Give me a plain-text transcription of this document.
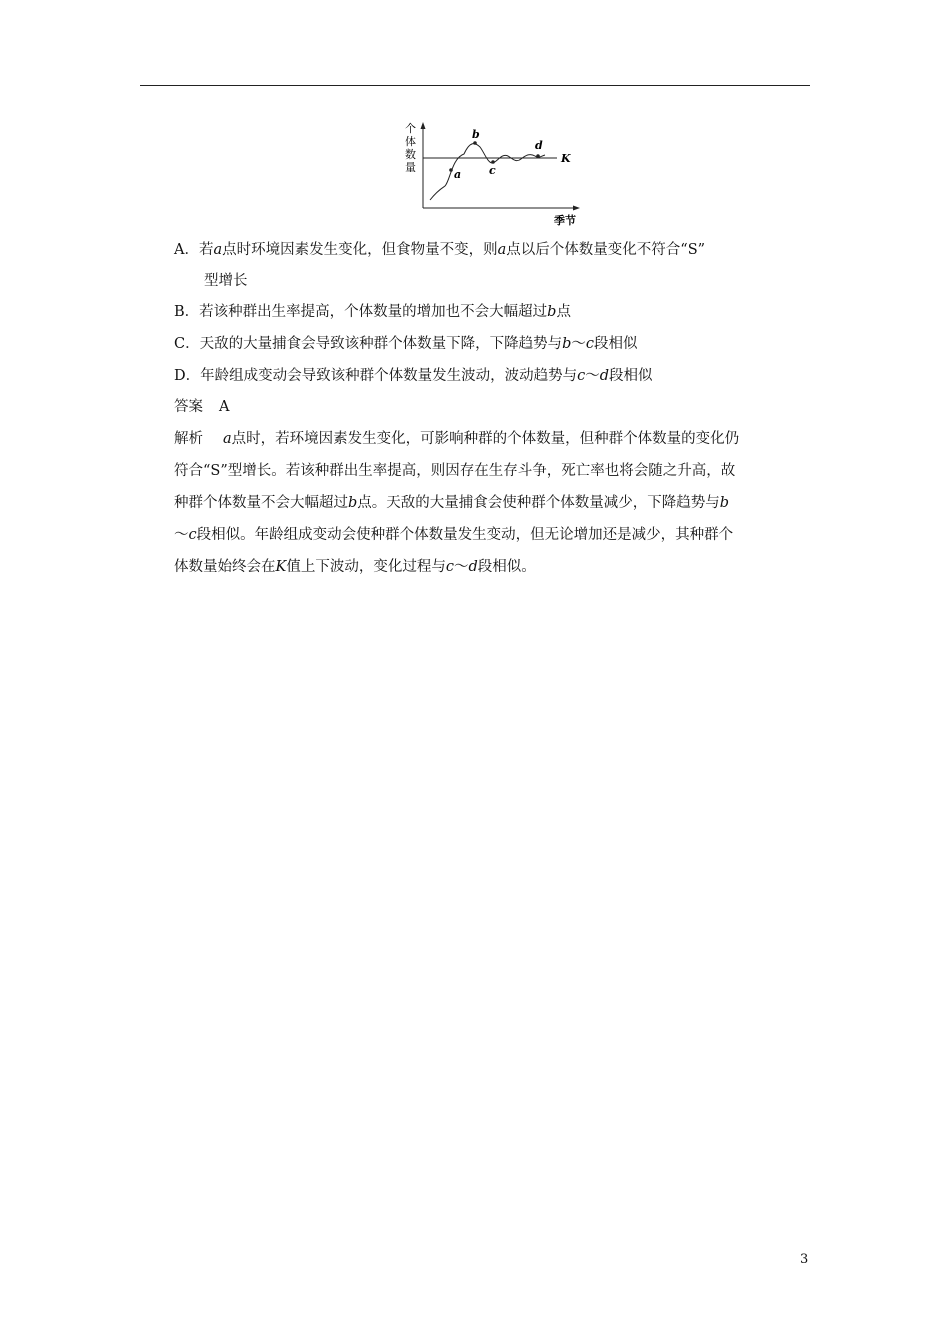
个
体
数
量
a
b
c
d
K
季节
A．若a点时环境因素发生变化，但食物量不变，则a点以后个体数量变化不符合“S”
型增长
B．若该种群出生率提高，个体数量的增加也不会大幅超过b点
C．天敌的大量捕食会导致该种群个体数量下降，下降趋势与b～c段相似
D．年龄组成变动会导致该种群个体数量发生波动，波动趋势与c～d段相似
答案 A
解析 a点时，若环境因素发生变化，可影响种群的个体数量，但种群个体数量的变化仍
符合“S”型增长。若该种群出生率提高，则因存在生存斗争，死亡率也将会随之升高，故
种群个体数量不会大幅超过b点。天敌的大量捕食会使种群个体数量减少，下降趋势与b
～c段相似。年龄组成变动会使种群个体数量发生变动，但无论增加还是减少，其种群个
体数量始终会在K值上下波动，变化过程与c～d段相似。
3
